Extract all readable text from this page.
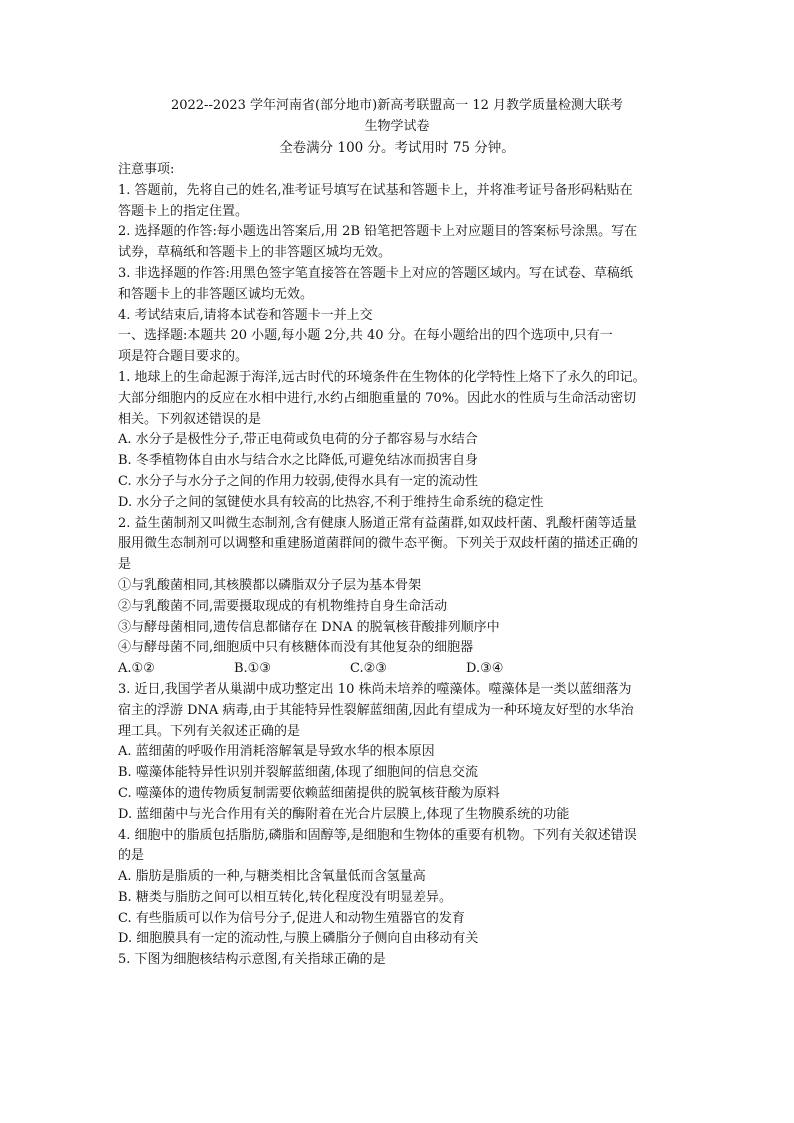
2022--2023 学年河南省(部分地市)新高考联盟高一 12 月教学质量检测大联考
生物学试卷
全卷满分 100 分。考试用时 75 分钟。
注意事项:
1. 答题前，先将自己的姓名,准考证号填写在试基和答题卡上，并将准考证号备形码粘贴在
答题卡上的指定住置。
2. 选择题的作答:每小题选出答案后,用 2B 铅笔把答题卡上对应题目的答案标号涂黑。写在
试券，草稿纸和答题卡上的非答题区城均无效。
3. 非选择题的作答:用黑色签字笔直接答在答题卡上对应的答题区域内。写在试卷、草稿纸
和答题卡上的非答题区诚均无效。
4. 考试结束后,请将本试卷和答题卡一并上交
一、选择题:本题共 20 小题,每小题 2分,共 40 分。在每小题给出的四个选项中,只有一
项是符合题目要求的。
1. 地球上的生命起源于海洋,远古时代的环境条件在生物体的化学特性上烙下了永久的印记。
大部分细胞内的反应在水相中进行,水约占细胞重量的 70%。因此水的性质与生命活动密切
相关。下列叙述错误的是
A. 水分子是极性分子,带正电荷或负电荷的分子都容易与水结合
B. 冬季植物体自由水与结合水之比降低,可避免结冰而损害自身
C. 水分子与水分子之间的作用力较弱,使得水具有一定的流动性
D. 水分子之间的氢键使水具有较高的比热容,不利于维持生命系统的稳定性
2. 益生菌制剂又叫微生态制剂,含有健康人肠道正常有益菌群,如双歧杆菌、乳酸杆菌等适量
服用微生态制剂可以调整和重建肠道菌群间的微牛态平衡。下列关于双歧杆菌的描述正确的
是
①与乳酸菌相同,其核膜都以磷脂双分子层为基本骨架
②与乳酸菌不同,需要摄取现成的有机物维持自身生命活动
③与酵母菌相同,遗传信息都储存在 DNA 的脱氧核苷酸排列顺序中
④与酵母菌不同,细胞质中只有核糖体而没有其他复杂的细胞器
A.①②	B.①③	C.②③	D.③④
3. 近日,我国学者从巢湖中成功整定出 10 株尚未培养的噬藻体。噬藻体是一类以蓝细落为
宿主的浮游 DNA 病毒,由于其能特异性裂解蓝细菌,因此有望成为一种环境友好型的水华治
理工具。下列有关叙述正确的是
A. 蓝细菌的呼吸作用消耗溶解氧是导致水华的根本原因
B. 噬藻体能特异性识别并裂解蓝细菌,体现了细胞间的信息交流
C. 噬藻体的遗传物质复制需要依赖蓝细菌提供的脱氧核苷酸为原料
D. 蓝细菌中与光合作用有关的酶附着在光合片层膜上,体现了生物膜系统的功能
4. 细胞中的脂质包括脂肪,磷脂和固醇等,是细胞和生物体的重要有机物。下列有关叙述错误
的是
A. 脂肪是脂质的一种,与糖类相比含氧量低而含氢量高
B. 糖类与脂肪之间可以相互转化,转化程度没有明显差异。
C. 有些脂质可以作为信号分子,促进人和动物生殖器官的发育
D. 细胞膜具有一定的流动性,与膜上磷脂分子侧向自由移动有关
5. 下图为细胞核结构示意图,有关指球正确的是
